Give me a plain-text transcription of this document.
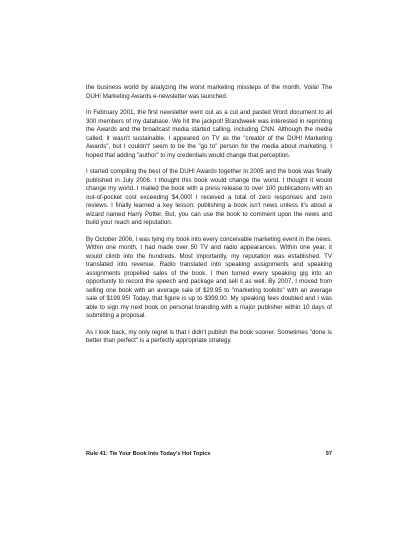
the business world by analyzing the worst marketing missteps of the month. Voila! The DUH! Marketing Awards e-newsletter was launched.

In February 2001, the first newsletter went out as a cut and pasted Word document to all 300 members of my database. We hit the jackpot! Brandweek was interested in reprinting the Awards and the broadcast media started calling, including CNN. Although the media called, it wasn't sustainable. I appeared on TV as the "creator of the DUH! Marketing Awards", but I couldn't' seem to be the "go to" person for the media about marketing. I hoped that adding "author" to my credentials would change that perception.

I started compiling the best of the DUH! Awards together in 2005 and the book was finally published in July 2006. I thought this book would change the world. I thought it would change my world. I mailed the book with a press release to over 100 publications with an out-of-pocket cost exceeding $4,000! I received a total of zero responses and zero reviews. I finally learned a key lesson: publishing a book isn't news unless it's about a wizard named Harry Potter. But, you can use the book to comment upon the news and build your reach and reputation.

By October 2006, I was tying my book into every conceivable marketing event in the news. Within one month, I had made over 50 TV and radio appearances. Within one year, it would climb into the hundreds. Most importantly, my reputation was established. TV translated into revenue. Radio translated into speaking assignments and speaking assignments propelled sales of the book. I then turned every speaking gig into an opportunity to record the speech and package and sell it as well. By 2007, I moved from selling one book with an average sale of $29.95 to "marketing toolkits" with an average sale of $199.95! Today, that figure is up to $399.00. My speaking fees doubled and I was able to sign my next book on personal branding with a major publisher within 10 days of submitting a proposal.

As I look back, my only regret is that I didn't publish the book sooner. Sometimes "done is better than perfect" is a perfectly appropriate strategy.

Rule 41: Tie Your Book Into Today's Hot Topics	97
